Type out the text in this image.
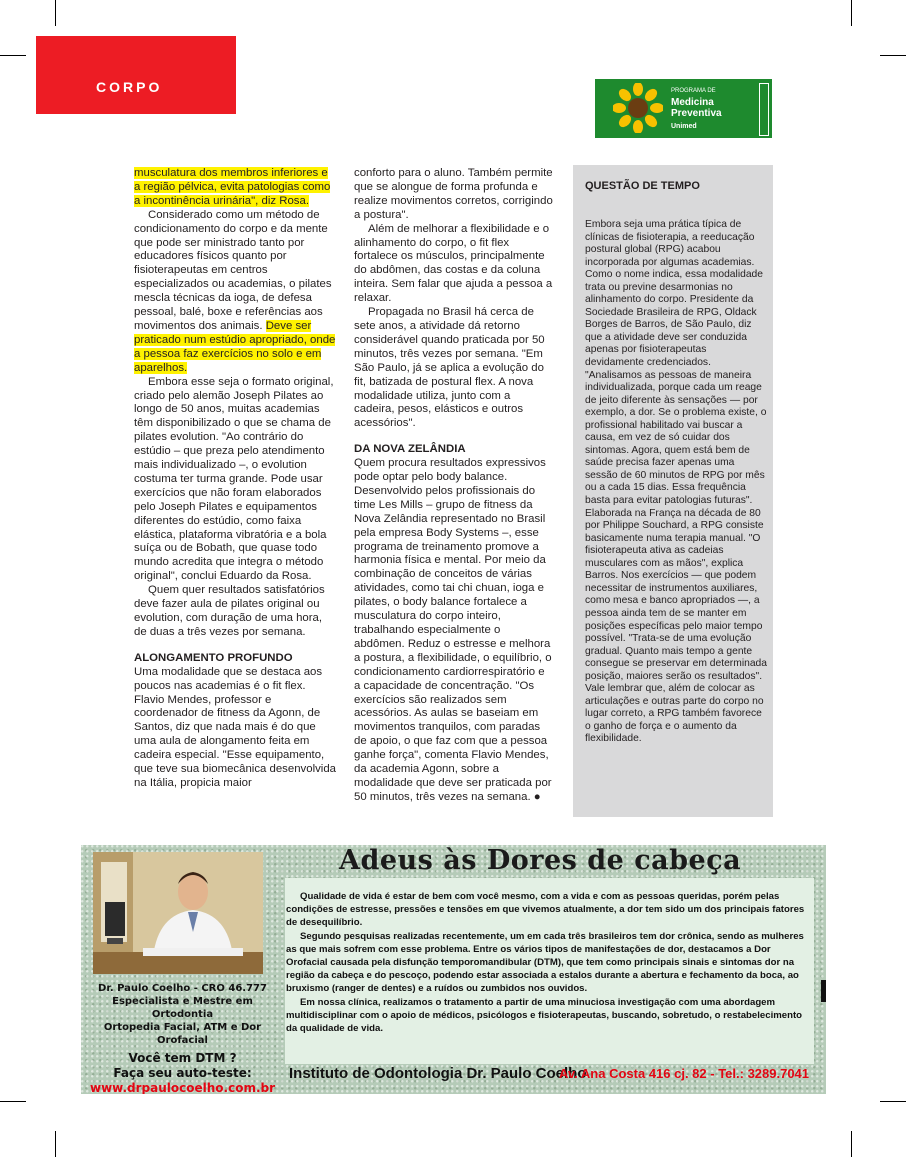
CORPO	PROGRAMA DE
Medicina
Preventiva
Unimed

musculatura dos membros inferiores e a região pélvica, evita patologias como a incontinência urinária", diz Rosa.

Considerado como um método de condicionamento do corpo e da mente que pode ser ministrado tanto por educadores físicos quanto por fisioterapeutas em centros especializados ou academias, o pilates mescla técnicas da ioga, de defesa pessoal, balé, boxe e referências aos movimentos dos animais. Deve ser praticado num estúdio apropriado, onde a pessoa faz exercícios no solo e em aparelhos.

Embora esse seja o formato original, criado pelo alemão Joseph Pilates ao longo de 50 anos, muitas academias têm disponibilizado o que se chama de pilates evolution. "Ao contrário do estúdio – que preza pelo atendimento mais individualizado –, o evolution costuma ter turma grande. Pode usar exercícios que não foram elaborados pelo Joseph Pilates e equipamentos diferentes do estúdio, como faixa elástica, plataforma vibratória e a bola suíça ou de Bobath, que quase todo mundo acredita que integra o método original", conclui Eduardo da Rosa.

Quem quer resultados satisfatórios deve fazer aula de pilates original ou evolution, com duração de uma hora, de duas a três vezes por semana.

ALONGAMENTO PROFUNDO

Uma modalidade que se destaca aos poucos nas academias é o fit flex. Flavio Mendes, professor e coordenador de fitness da Agonn, de Santos, diz que nada mais é do que uma aula de alongamento feita em cadeira especial. "Esse equipamento, que teve sua biomecânica desenvolvida na Itália, propicia maior

conforto para o aluno. Também permite que se alongue de forma profunda e realize movimentos corretos, corrigindo a postura".

Além de melhorar a flexibilidade e o alinhamento do corpo, o fit flex fortalece os músculos, principalmente do abdômen, das costas e da coluna inteira. Sem falar que ajuda a pessoa a relaxar.

Propagada no Brasil há cerca de sete anos, a atividade dá retorno considerável quando praticada por 50 minutos, três vezes por semana. "Em São Paulo, já se aplica a evolução do fit, batizada de postural flex. A nova modalidade utiliza, junto com a cadeira, pesos, elásticos e outros acessórios".

DA NOVA ZELÂNDIA

Quem procura resultados expressivos pode optar pelo body balance. Desenvolvido pelos profissionais do time Les Mills – grupo de fitness da Nova Zelândia representado no Brasil pela empresa Body Systems –, esse programa de treinamento promove a harmonia física e mental. Por meio da combinação de conceitos de várias atividades, como tai chi chuan, ioga e pilates, o body balance fortalece a musculatura do corpo inteiro, trabalhando especialmente o abdômen. Reduz o estresse e melhora a postura, a flexibilidade, o equilíbrio, o condicionamento cardiorrespiratório e a capacidade de concentração. "Os exercícios são realizados sem acessórios. As aulas se baseiam em movimentos tranquilos, com paradas de apoio, o que faz com que a pessoa ganhe força", comenta Flavio Mendes, da academia Agonn, sobre a modalidade que deve ser praticada por 50 minutos, três vezes na semana. ●

QUESTÃO DE TEMPO

Embora seja uma prática típica de clínicas de fisioterapia, a reeducação postural global (RPG) acabou incorporada por algumas academias. Como o nome indica, essa modalidade trata ou previne desarmonias no alinhamento do corpo. Presidente da Sociedade Brasileira de RPG, Oldack Borges de Barros, de São Paulo, diz que a atividade deve ser conduzida apenas por fisioterapeutas devidamente credenciados. "Analisamos as pessoas de maneira individualizada, porque cada um reage de jeito diferente às sensações — por exemplo, a dor. Se o problema existe, o profissional habilitado vai buscar a causa, em vez de só cuidar dos sintomas. Agora, quem está bem de saúde precisa fazer apenas uma sessão de 60 minutos de RPG por mês ou a cada 15 dias. Essa frequência basta para evitar patologias futuras". Elaborada na França na década de 80 por Philippe Souchard, a RPG consiste basicamente numa terapia manual. "O fisioterapeuta ativa as cadeias musculares com as mãos", explica Barros. Nos exercícios — que podem necessitar de instrumentos auxiliares, como mesa e banco apropriados —, a pessoa ainda tem de se manter em posições específicas pelo maior tempo possível. "Trata-se de uma evolução gradual. Quanto mais tempo a gente consegue se preservar em determinada posição, maiores serão os resultados". Vale lembrar que, além de colocar as articulações e outras parte do corpo no lugar correto, a RPG também favorece o ganho de força e o aumento da flexibilidade.

Adeus às Dores de cabeça

Qualidade de vida é estar de bem com você mesmo, com a vida e com as pessoas queridas, porém pelas condições de estresse, pressões e tensões em que vivemos atualmente, a dor tem sido um dos principais fatores de desequilíbrio.

Segundo pesquisas realizadas recentemente, um em cada três brasileiros tem dor crônica, sendo as mulheres as que mais sofrem com esse problema. Entre os vários tipos de manifestações de dor, destacamos a Dor Orofacial causada pela disfunção temporomandibular (DTM), que tem como principais sinais e sintomas dor na região da cabeça e do pescoço, podendo estar associada a estalos durante a abertura e fechamento da boca, ao bruxismo (ranger de dentes) e a ruídos ou zumbidos nos ouvidos.

Em nossa clínica, realizamos o tratamento a partir de uma minuciosa investigação com uma abordagem multidisciplinar com o apoio de médicos, psicólogos e fisioterapeutas, buscando, sobretudo, o restabelecimento da qualidade de vida.

Dr. Paulo Coelho - CRO 46.777
Especialista e Mestre em Ortodontia
Ortopedia Facial, ATM e Dor Orofacial
Você tem DTM ?
Faça seu auto-teste:
www.drpaulocoelho.com.br
Instituto de Odontologia Dr. Paulo Coelho
Av. Ana Costa 416 cj. 82 - Tel.: 3289.7041
